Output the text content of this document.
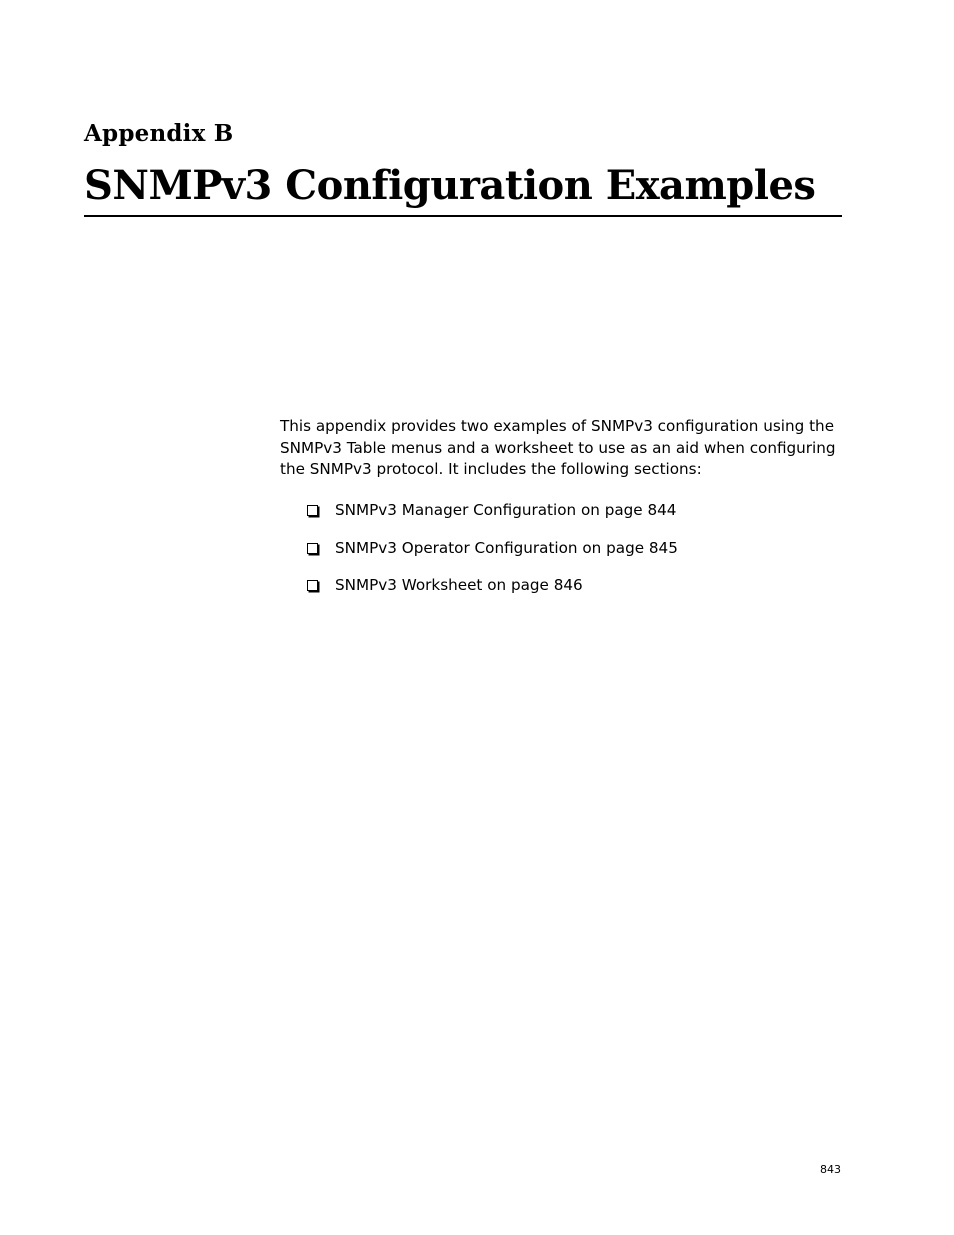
Appendix B
SNMPv3 Configuration Examples

This appendix provides two examples of SNMPv3 configuration using the SNMPv3 Table menus and a worksheet to use as an aid when configuring the SNMPv3 protocol. It includes the following sections:

SNMPv3 Manager Configuration on page 844
SNMPv3 Operator Configuration on page 845
SNMPv3 Worksheet on page 846
843
